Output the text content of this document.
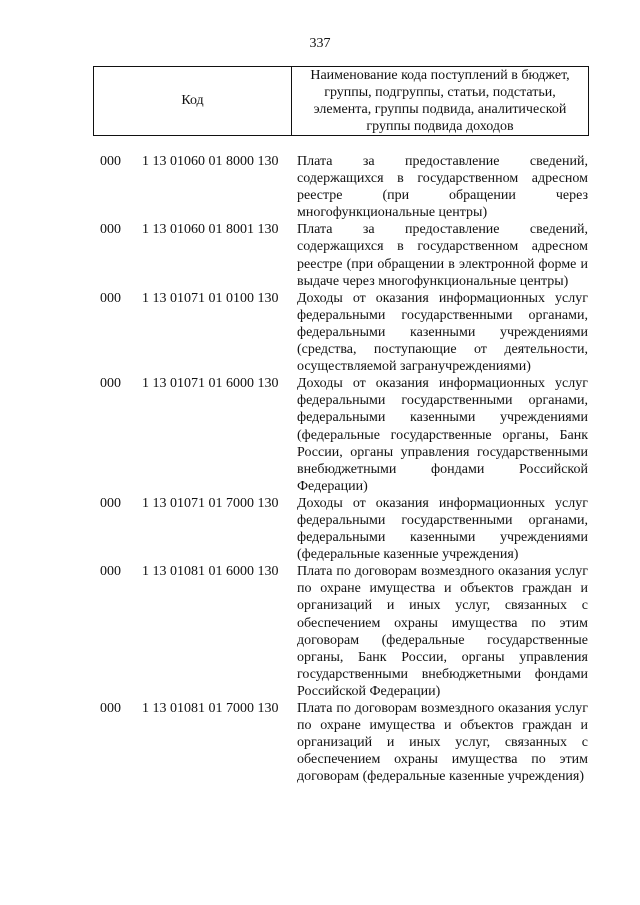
337
Код
Наименование кода поступлений в бюджет, группы, подгруппы, статьи, подстатьи, элемента, группы подвида, аналитической группы подвида доходов
000	1 13 01060 01 8000 130	Плата за предоставление сведений, содержащихся в государственном адресном реестре (при обращении через многофункциональные центры)
000	1 13 01060 01 8001 130	Плата за предоставление сведений, содержащихся в государственном адресном реестре (при обращении в электронной форме и выдаче через многофункциональные центры)
000	1 13 01071 01 0100 130	Доходы от оказания информационных услуг федеральными государственными органами, федеральными казенными учреждениями (средства, поступающие от деятельности, осуществляемой загранучреждениями)
000	1 13 01071 01 6000 130	Доходы от оказания информационных услуг федеральными государственными органами, федеральными казенными учреждениями (федеральные государственные органы, Банк России, органы управления государственными внебюджетными фондами Российской Федерации)
000	1 13 01071 01 7000 130	Доходы от оказания информационных услуг федеральными государственными органами, федеральными казенными учреждениями (федеральные казенные учреждения)
000	1 13 01081 01 6000 130	Плата по договорам возмездного оказания услуг по охране имущества и объектов граждан и организаций и иных услуг, связанных с обеспечением охраны имущества по этим договорам (федеральные государственные органы, Банк России, органы управления государственными внебюджетными фондами Российской Федерации)
000	1 13 01081 01 7000 130	Плата по договорам возмездного оказания услуг по охране имущества и объектов граждан и организаций и иных услуг, связанных с обеспечением охраны имущества по этим договорам (федеральные казенные учреждения)
